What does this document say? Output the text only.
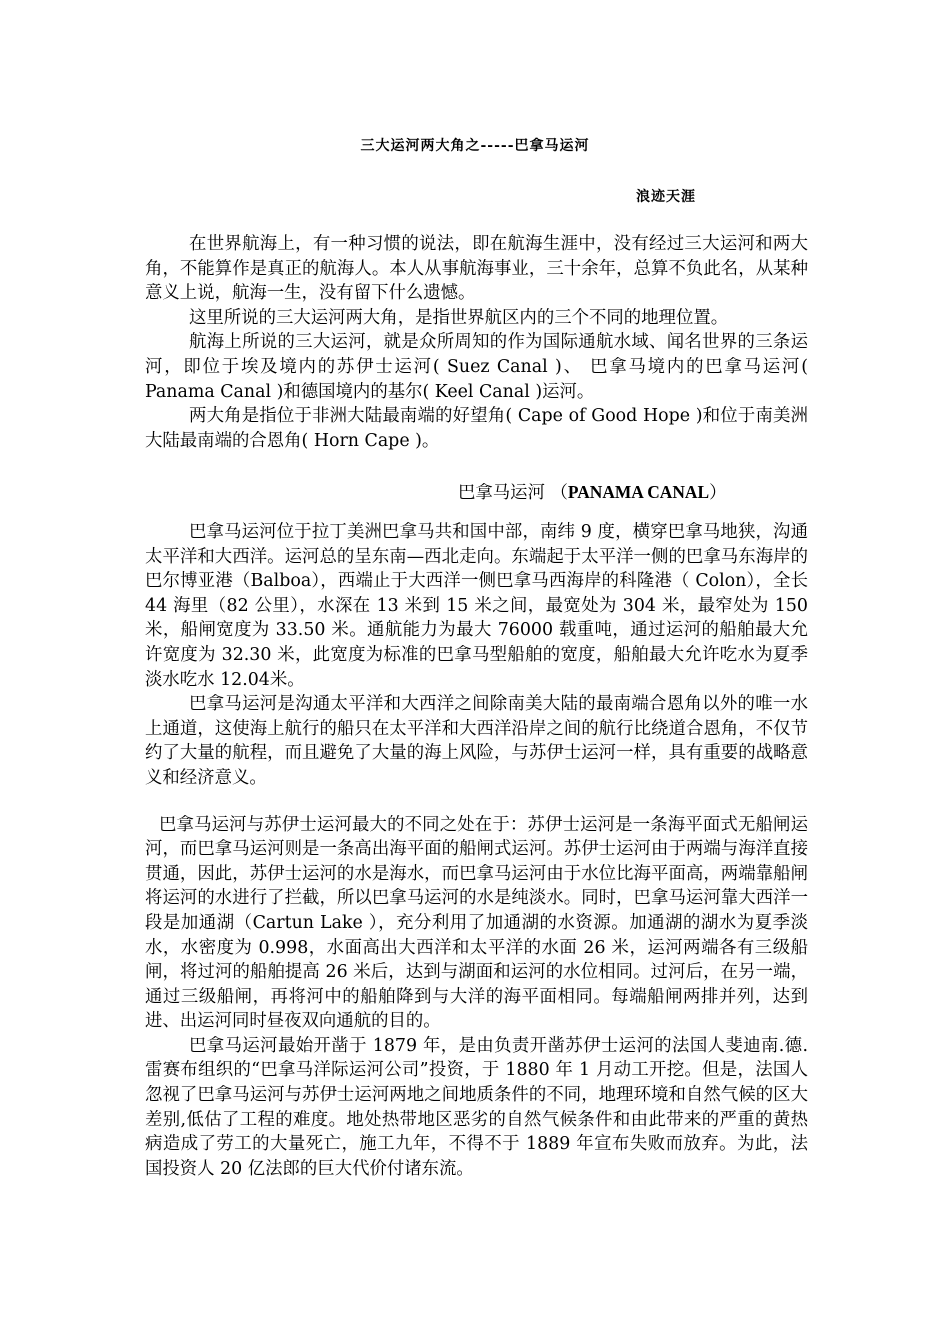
三大运河两大角之-----巴拿马运河
浪迹天涯

在世界航海上，有一种习惯的说法，即在航海生涯中，没有经过三大运河和两大角，不能算作是真正的航海人。本人从事航海事业，三十余年，总算不负此名，从某种意义上说，航海一生，没有留下什么遗憾。

这里所说的三大运河两大角，是指世界航区内的三个不同的地理位置。

航海上所说的三大运河，就是众所周知的作为国际通航水域、闻名世界的三条运河，即位于埃及境内的苏伊士运河( Suez Canal )、 巴拿马境内的巴拿马运河( Panama Canal )和德国境内的基尔( Keel Canal )运河。

两大角是指位于非洲大陆最南端的好望角( Cape of Good Hope )和位于南美洲大陆最南端的合恩角( Horn Cape )。

巴拿马运河 （PANAMA CANAL）

巴拿马运河位于拉丁美洲巴拿马共和国中部，南纬 9 度，横穿巴拿马地狭，沟通太平洋和大西洋。运河总的呈东南—西北走向。东端起于太平洋一侧的巴拿马东海岸的巴尔博亚港（Balboa），西端止于大西洋一侧巴拿马西海岸的科隆港（ Colon），全长 44 海里（82 公里），水深在 13 米到 15 米之间，最宽处为 304 米，最窄处为 150 米，船闸宽度为 33.50 米。通航能力为最大 76000 载重吨，通过运河的船舶最大允许宽度为 32.30 米，此宽度为标准的巴拿马型船舶的宽度，船舶最大允许吃水为夏季淡水吃水 12.04米。

巴拿马运河是沟通太平洋和大西洋之间除南美大陆的最南端合恩角以外的唯一水上通道，这使海上航行的船只在太平洋和大西洋沿岸之间的航行比绕道合恩角，不仅节约了大量的航程，而且避免了大量的海上风险，与苏伊士运河一样，具有重要的战略意义和经济意义。

巴拿马运河与苏伊士运河最大的不同之处在于：苏伊士运河是一条海平面式无船闸运河，而巴拿马运河则是一条高出海平面的船闸式运河。苏伊士运河由于两端与海洋直接贯通，因此，苏伊士运河的水是海水，而巴拿马运河由于水位比海平面高，两端靠船闸将运河的水进行了拦截，所以巴拿马运河的水是纯淡水。同时，巴拿马运河靠大西洋一段是加通湖（Cartun Lake ），充分利用了加通湖的水资源。加通湖的湖水为夏季淡水，水密度为 0.998，水面高出大西洋和太平洋的水面 26 米，运河两端各有三级船闸，将过河的船舶提高 26 米后，达到与湖面和运河的水位相同。过河后，在另一端，通过三级船闸，再将河中的船舶降到与大洋的海平面相同。每端船闸两排并列，达到进、出运河同时昼夜双向通航的目的。

巴拿马运河最始开凿于 1879 年，是由负责开凿苏伊士运河的法国人斐迪南.德.雷赛布组织的“巴拿马洋际运河公司”投资，于 1880 年 1 月动工开挖。但是，法国人忽视了巴拿马运河与苏伊士运河两地之间地质条件的不同，地理环境和自然气候的区大差别,低估了工程的难度。地处热带地区恶劣的自然气候条件和由此带来的严重的黄热病造成了劳工的大量死亡，施工九年，不得不于 1889 年宣布失败而放弃。为此，法国投资人 20 亿法郎的巨大代价付诸东流。
